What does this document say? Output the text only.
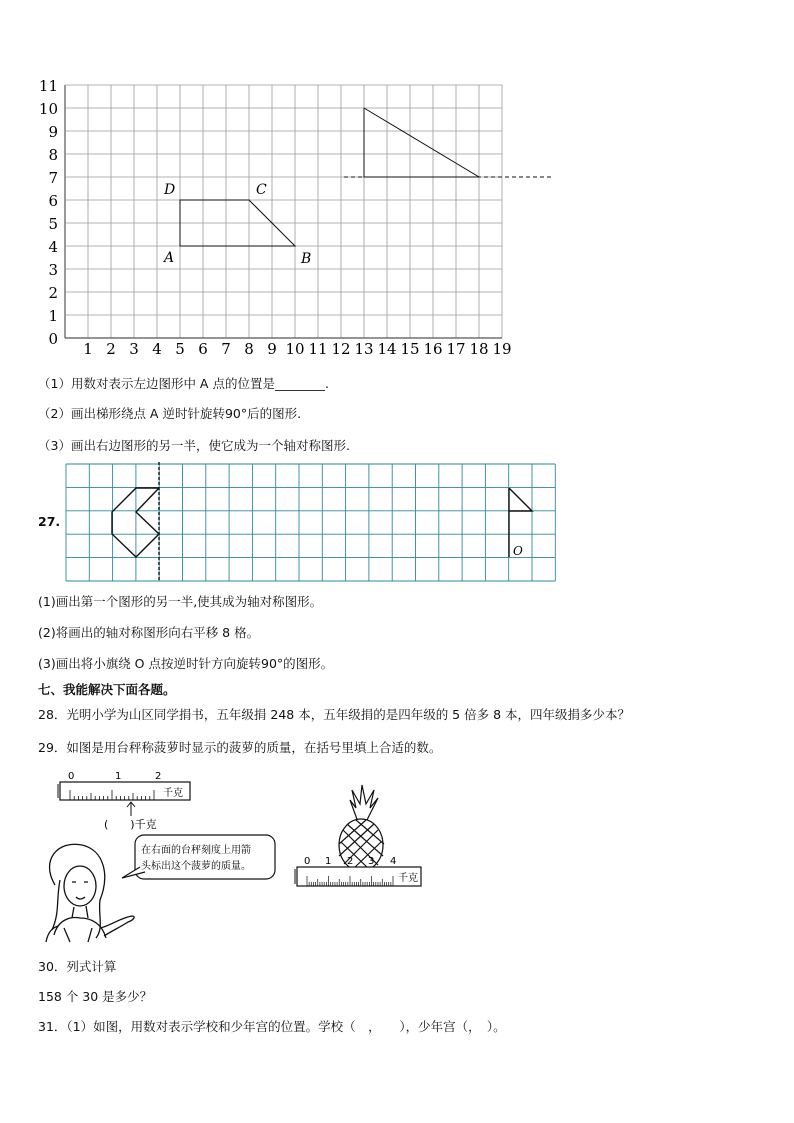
0
1
2
3
4
5
6
7
8
9
10
11
1 2 3 4 5 6 7 8 9 10 11 12 13 14 15 16 17 18 19
A	B
C
D
（1）用数对表示左边图形中 A 点的位置是________.
（2）画出梯形绕点 A 逆时针旋转90°后的图形.
（3）画出右边图形的另一半，使它成为一个轴对称图形.
27.
O
(1)画出第一个图形的另一半,使其成为轴对称图形。
(2)将画出的轴对称图形向右平移 8 格。
(3)画出将小旗绕 O 点按逆时针方向旋转90°的图形。
七、我能解决下面各题。
28．光明小学为山区同学捐书，五年级捐 248 本，五年级捐的是四年级的 5 倍多 8 本，四年级捐多少本？
29．如图是用台秤称菠萝时显示的菠萝的质量，在括号里填上合适的数。
0	1	2
千克
(　　)千克
在右面的台秤刻度上用箭
头标出这个菠萝的质量。	0 1 2 3 4
千克
30．列式计算
158 个 30 是多少？
31．（1）如图，用数对表示学校和少年宫的位置。学校（　，　　），少年宫（，　）。
